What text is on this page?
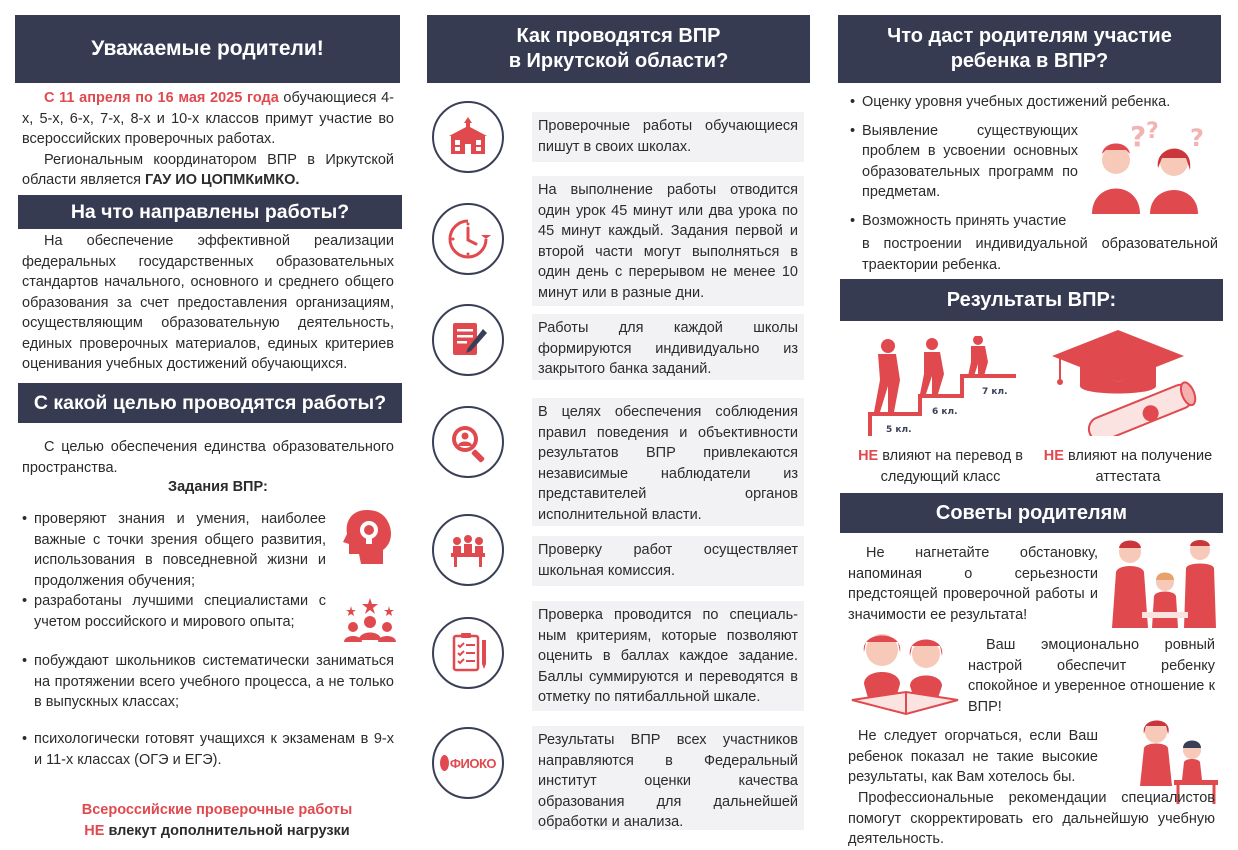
Уважаемые родители!
С 11 апреля по 16 мая 2025 года обучающиеся 4-х, 5-х, 6-х, 7-х, 8-х и 10-х классов примут участие во всероссийских проверочных работах.
Региональным координатором ВПР в Иркутской области является ГАУ ИО ЦОПМКиМКО.
На что направлены работы?
На обеспечение эффективной реализации федеральных государственных образовательных стандартов начального, основного и среднего общего образования за счет предоставления организациям, осуществляющим образовательную деятельность, единых проверочных материалов, единых критериев оценивания учебных достижений обучающихся.
С какой целью проводятся работы?
С целью обеспечения единства образовательного пространства.
Задания ВПР:
• проверяют знания и умения, наиболее важные с точки зрения общего развития, использования в повседневной жизни и продолжения обучения;
• разработаны лучшими специалистами с учетом российского и мирового опыта;
• побуждают школьников систематически заниматься на протяжении всего учебного процесса, а не только в выпускных классах;
• психологически готовят учащихся к экзаменам в 9-х и 11-х классах (ОГЭ и ЕГЭ).
Всероссийские проверочные работы
НЕ влекут дополнительной нагрузки
Как проводятся ВПР
в Иркутской области?
Проверочные работы обучающиеся пишут в своих школах.
На выполнение работы отводится один урок 45 минут или два урока по 45 минут каждый. Задания первой и второй части могут выполняться в один день с перерывом не менее 10 минут или в разные дни.
Работы для каждой школы формируются индивидуально из закрытого банка заданий.
В целях обеспечения соблюдения правил поведения и объективности результатов ВПР привлекаются независимые наблюдатели из представителей органов исполнительной власти.
Проверку работ осуществляет школьная комиссия.
Проверка проводится по специаль-ным критериям, которые позволяют оценить в баллах каждое задание. Баллы суммируются и переводятся в отметку по пятибалльной шкале.
ФИОКО
Результаты ВПР всех участников направляются в Федеральный институт оценки качества образования для дальнейшей обработки и анализа.
Что даст родителям участие
ребенка в ВПР?
• Оценку уровня учебных достижений ребенка.
• Выявление существующих проблем в усвоении основных образовательных программ по предметам.
• Возможность принять участие
в построении индивидуальной образовательной траектории ребенка.
? ? ?
Результаты ВПР:
5 кл.
6 кл.
7 кл.
НЕ влияют на перевод в следующий класс
НЕ влияют на получение аттестата
Советы родителям
Не нагнетайте обстановку, напоминая о серьезности предстоящей проверочной работы и значимости ее результата!
Ваш эмоционально ровный настрой обеспечит ребенку спокойное и уверенное отношение к ВПР!
Не следует огорчаться, если Ваш ребенок показал не такие высокие результаты, как Вам хотелось бы.
Профессиональные рекомендации специалистов помогут скорректировать его дальнейшую учебную деятельность.
